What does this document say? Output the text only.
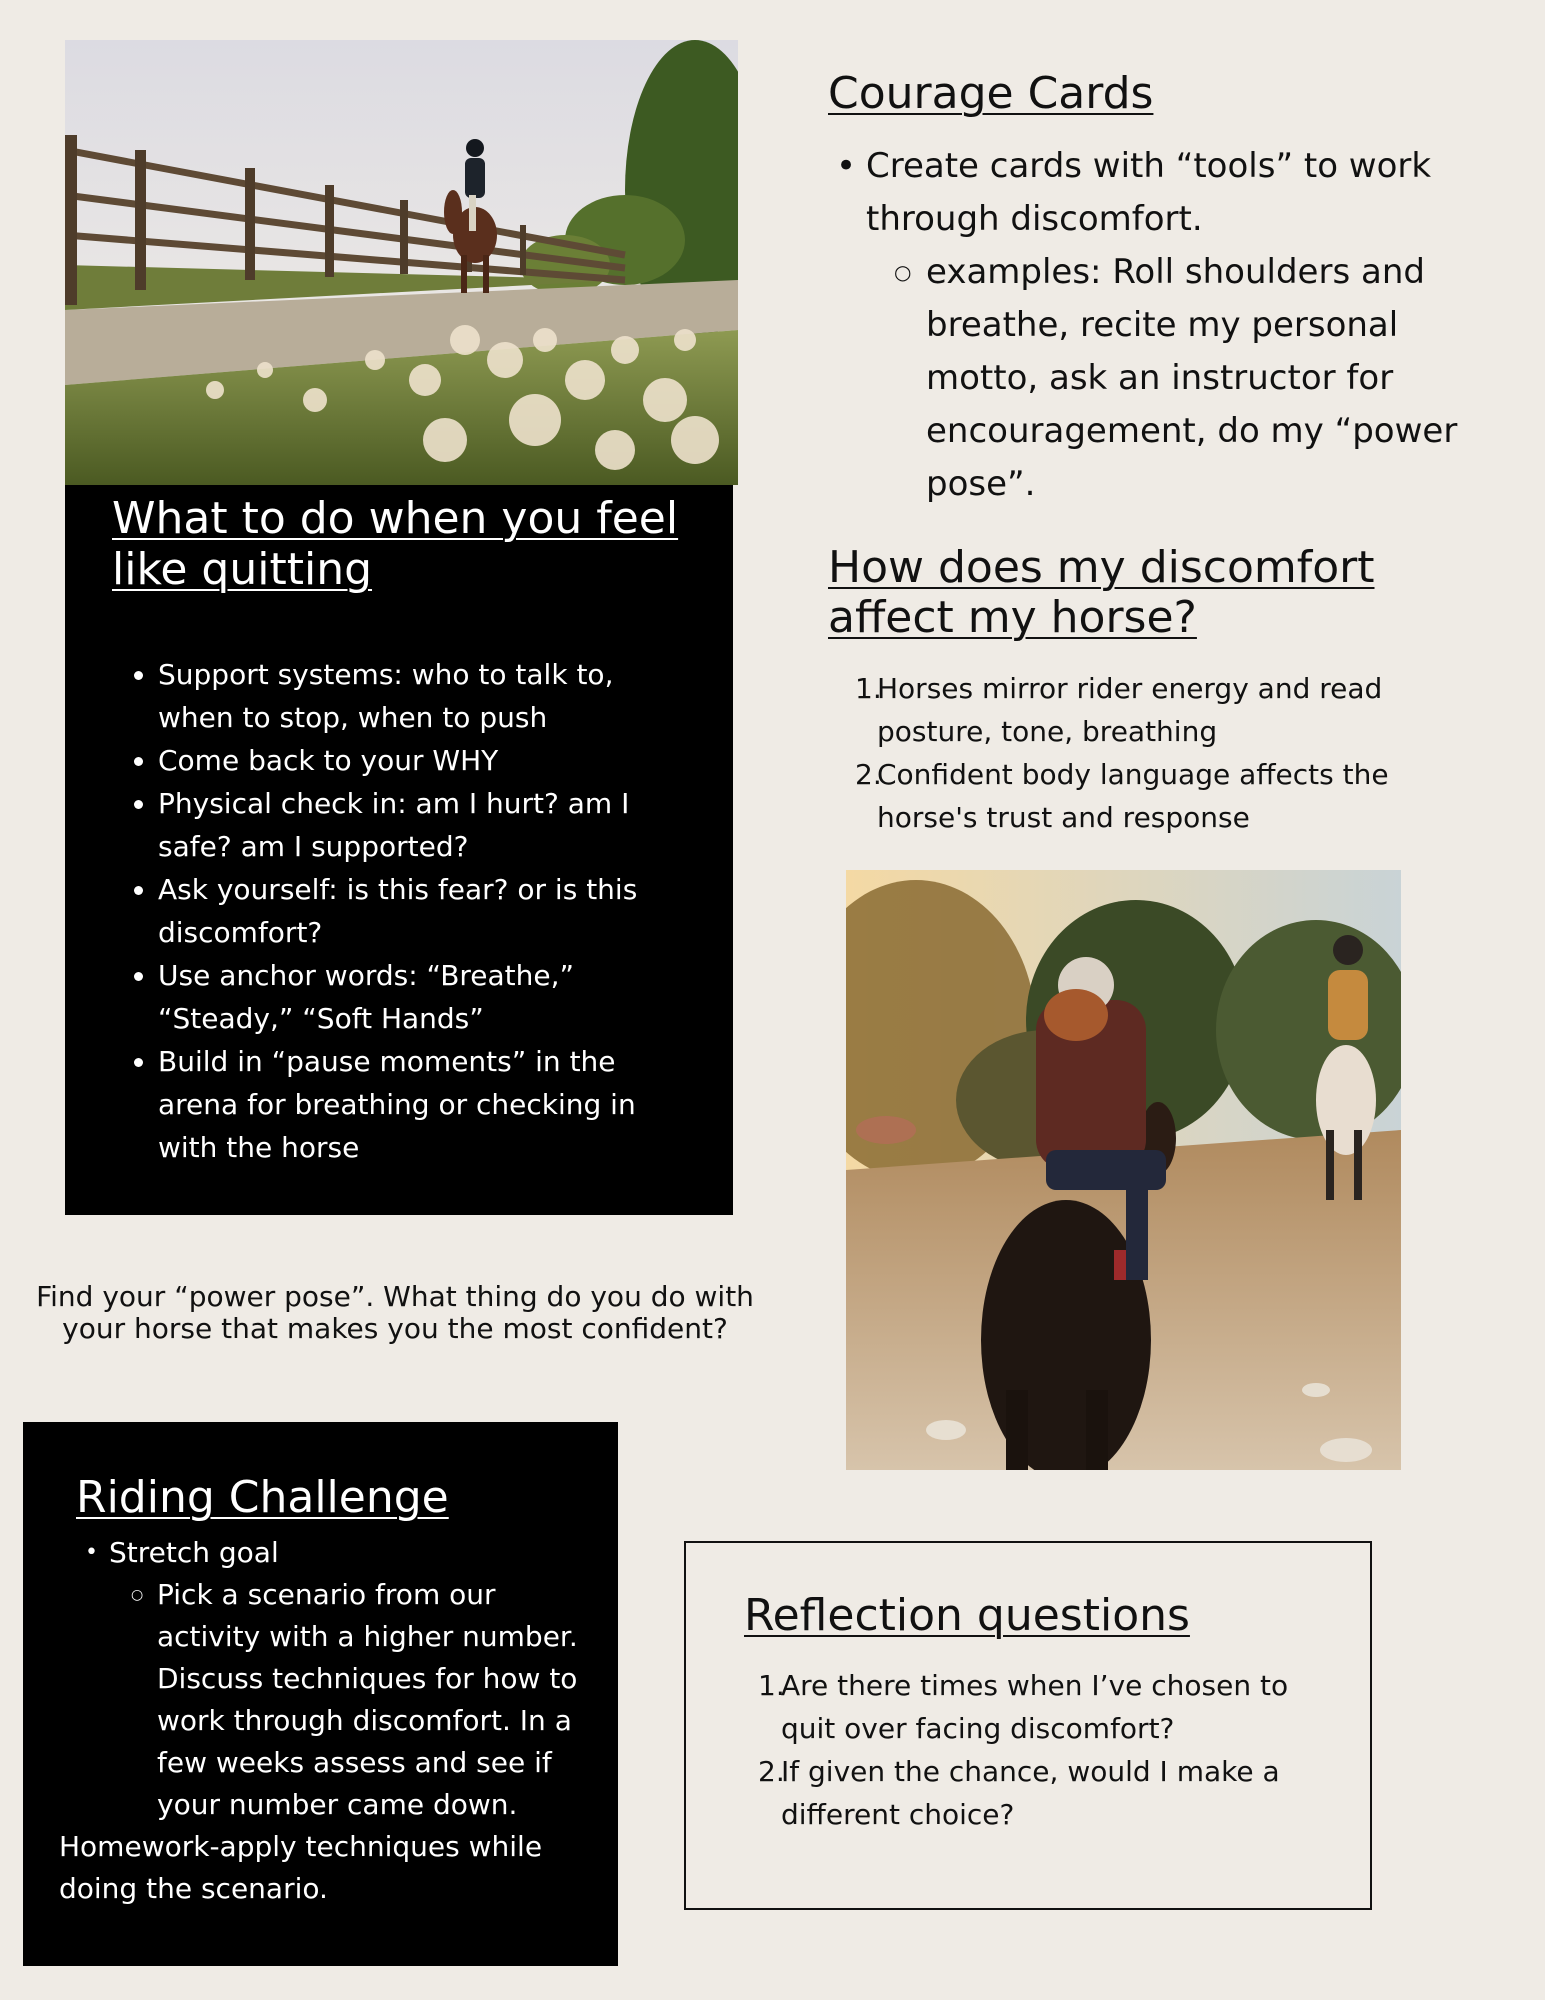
What to do when you feel like quitting
• Support systems: who to talk to, when to stop, when to push
• Come back to your WHY
• Physical check in: am I hurt? am I safe? am I supported?
• Ask yourself: is this fear? or is this discomfort?
• Use anchor words: “Breathe,” “Steady,” “Soft Hands”
• Build in “pause moments” in the arena for breathing or checking in with the horse
Courage Cards
• Create cards with “tools” to work through discomfort.
○ examples: Roll shoulders and breathe, recite my personal motto, ask an instructor for encouragement, do my “power pose”.
How does my discomfort affect my horse?
1.
Horses mirror rider energy and read posture, tone, breathing
2.
Confident body language affects the horse's trust and response
Find your “power pose”. What thing do you do with your horse that makes you the most confident?
Riding Challenge
• Stretch goal
○ Pick a scenario from our activity with a higher number. Discuss techniques for how to work through discomfort. In a few weeks assess and see if your number came down.

Homework-apply techniques while doing the scenario.

Reflection questions
1.
Are there times when I’ve chosen to quit over facing discomfort?
2.
If given the chance, would I make a different choice?
